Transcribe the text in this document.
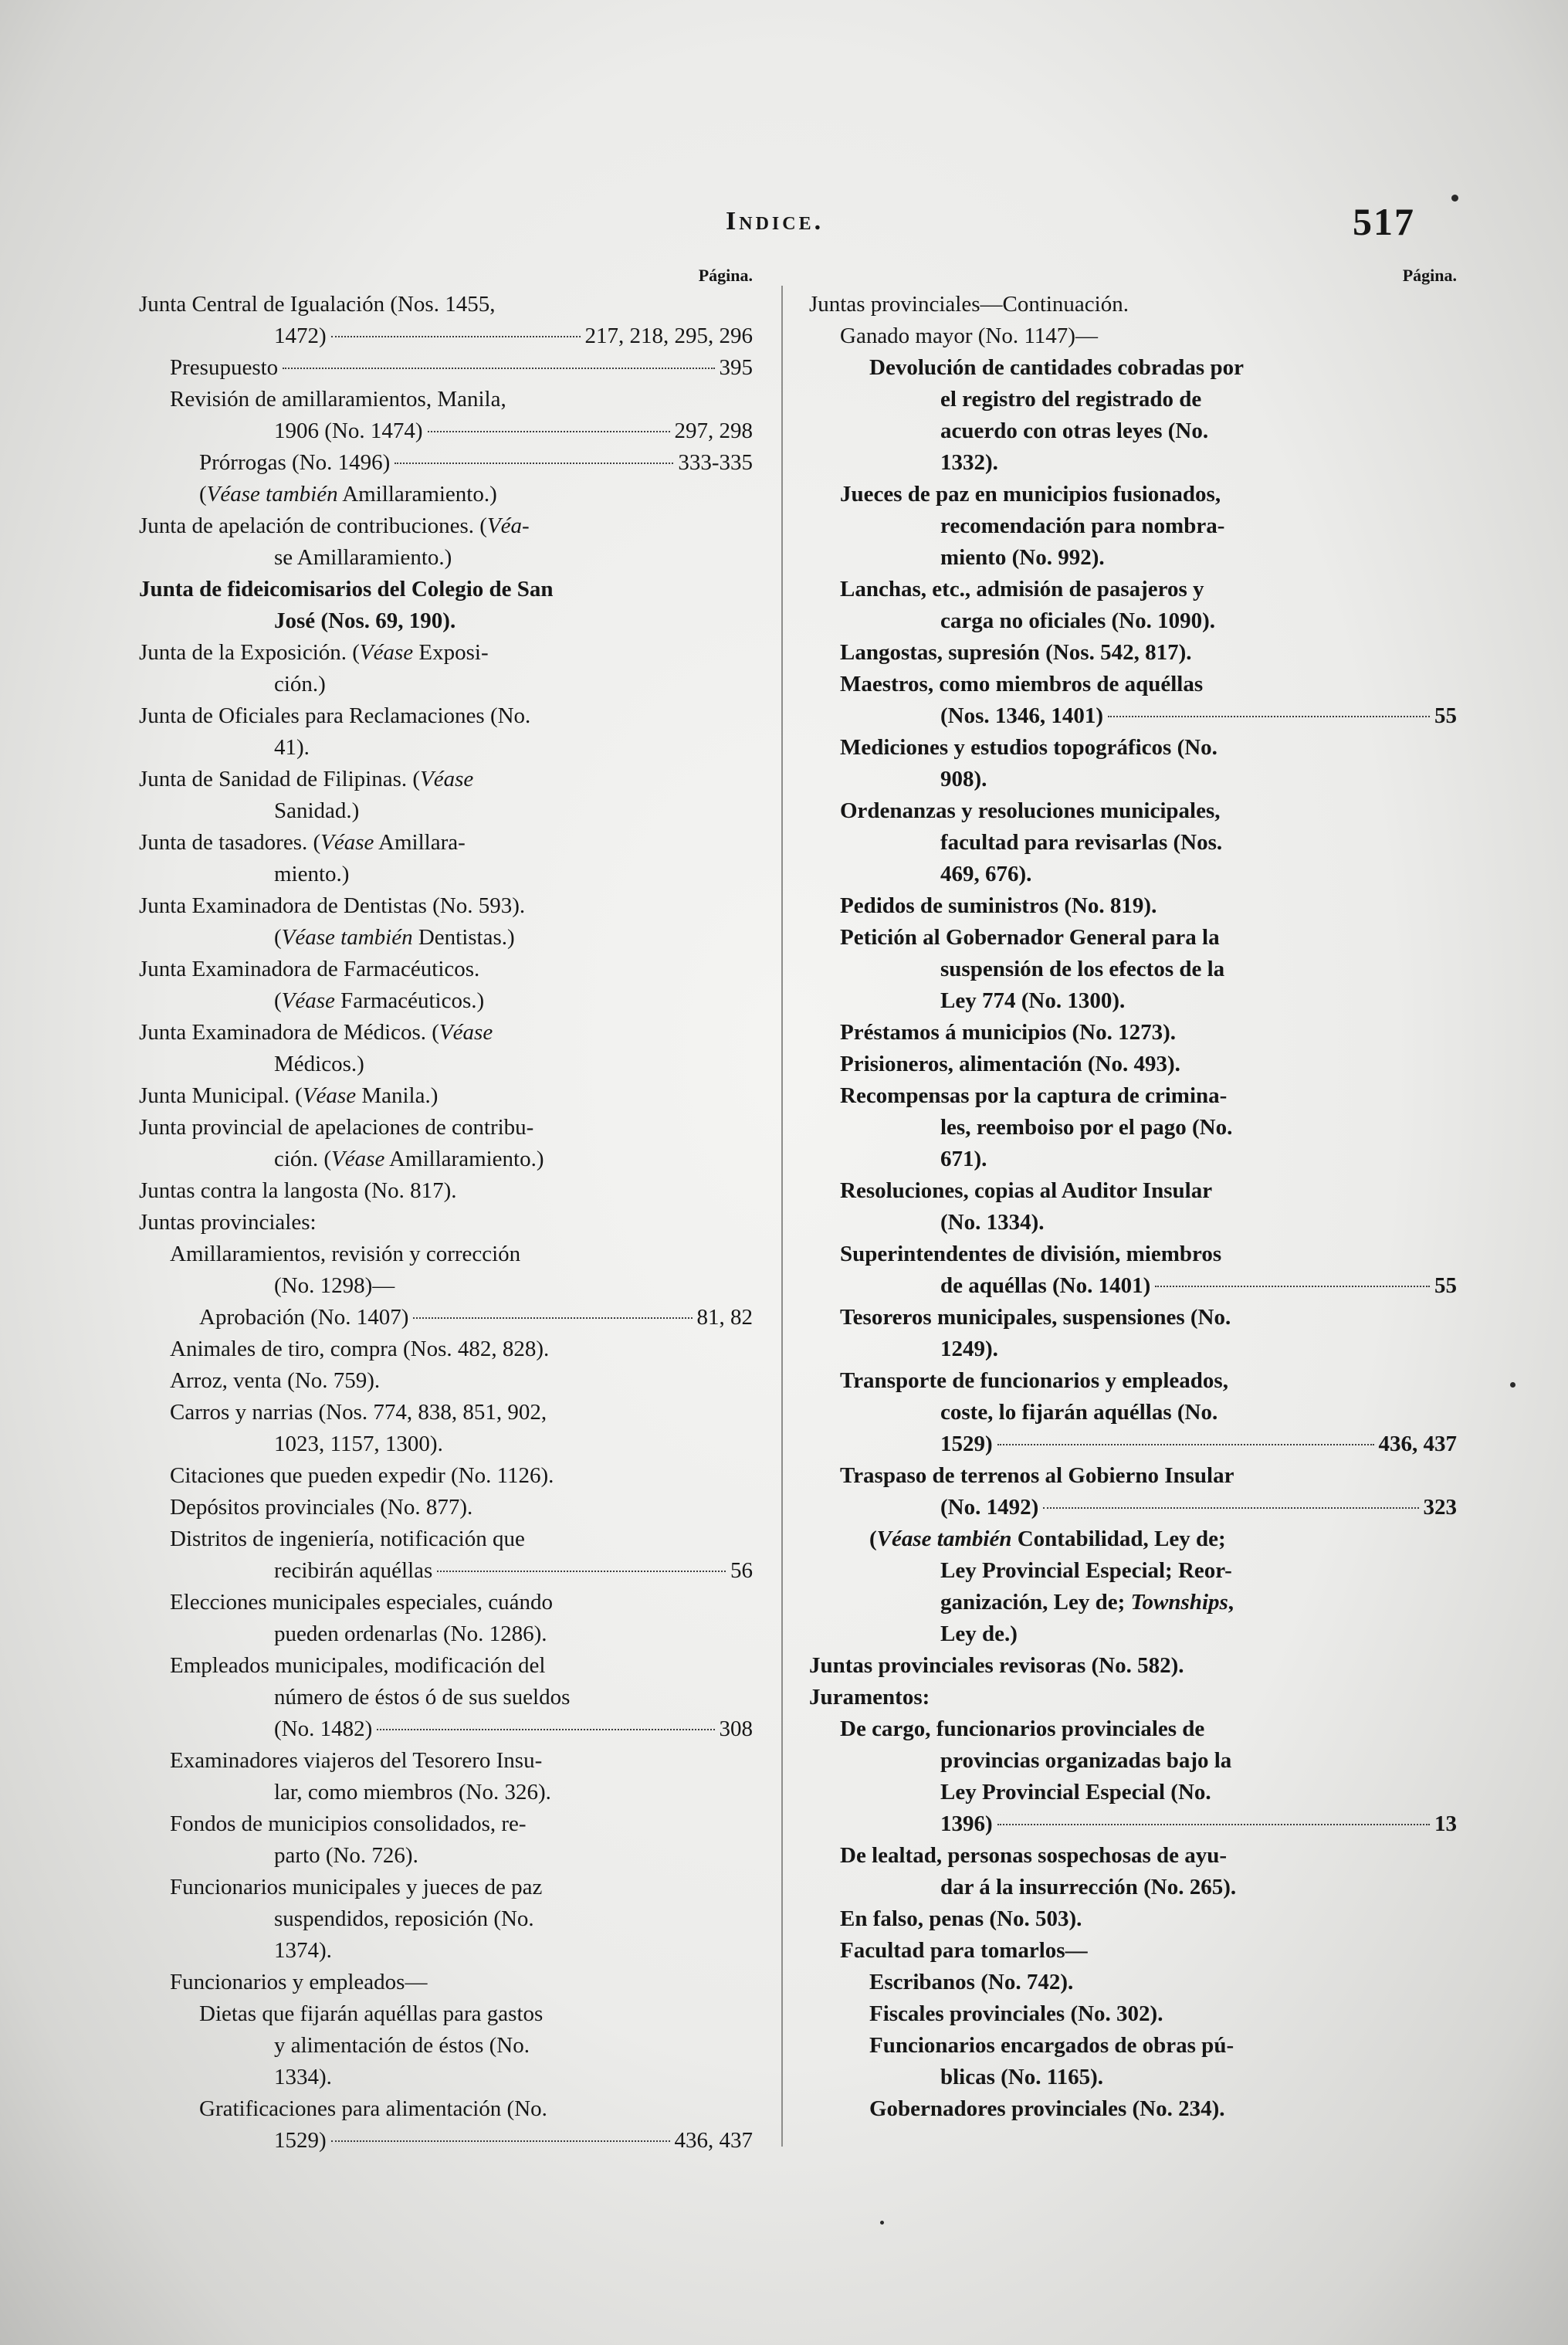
Indice.	517
Página.
Junta Central de Igualación (Nos. 1455,
1472)	217, 218, 295, 296
Presupuesto	395
Revisión de amillaramientos, Manila,
1906 (No. 1474)	297, 298
Prórrogas (No. 1496)	333-335
(Véase también Amillaramiento.)
Junta de apelación de contribuciones. (Véa-
se Amillaramiento.)
Junta de fideicomisarios del Colegio de San
José (Nos. 69, 190).
Junta de la Exposición. (Véase Exposi-
ción.)
Junta de Oficiales para Reclamaciones (No.
41).
Junta de Sanidad de Filipinas. (Véase
Sanidad.)
Junta de tasadores. (Véase Amillara-
miento.)
Junta Examinadora de Dentistas (No. 593).
(Véase también Dentistas.)
Junta Examinadora de Farmacéuticos.
(Véase Farmacéuticos.)
Junta Examinadora de Médicos. (Véase
Médicos.)
Junta Municipal. (Véase Manila.)
Junta provincial de apelaciones de contribu-
ción. (Véase Amillaramiento.)
Juntas contra la langosta (No. 817).
Juntas provinciales:
Amillaramientos, revisión y corrección
(No. 1298)—
Aprobación (No. 1407)	81, 82
Animales de tiro, compra (Nos. 482, 828).
Arroz, venta (No. 759).
Carros y narrias (Nos. 774, 838, 851, 902,
1023, 1157, 1300).
Citaciones que pueden expedir (No. 1126).
Depósitos provinciales (No. 877).
Distritos de ingeniería, notificación que
recibirán aquéllas	56
Elecciones municipales especiales, cuándo
pueden ordenarlas (No. 1286).
Empleados municipales, modificación del
número de éstos ó de sus sueldos
(No. 1482)	308
Examinadores viajeros del Tesorero Insu-
lar, como miembros (No. 326).
Fondos de municipios consolidados, re-
parto (No. 726).
Funcionarios municipales y jueces de paz
suspendidos, reposición (No.
1374).
Funcionarios y empleados—
Dietas que fijarán aquéllas para gastos
y alimentación de éstos (No.
1334).
Gratificaciones para alimentación (No.
1529)	436, 437
Página.
Juntas provinciales—Continuación.
Ganado mayor (No. 1147)—
Devolución de cantidades cobradas por
el registro del registrado de
acuerdo con otras leyes (No.
1332).
Jueces de paz en municipios fusionados,
recomendación para nombra-
miento (No. 992).
Lanchas, etc., admisión de pasajeros y
carga no oficiales (No. 1090).
Langostas, supresión (Nos. 542, 817).
Maestros, como miembros de aquéllas
(Nos. 1346, 1401)	55
Mediciones y estudios topográficos (No.
908).
Ordenanzas y resoluciones municipales,
facultad para revisarlas (Nos.
469, 676).
Pedidos de suministros (No. 819).
Petición al Gobernador General para la
suspensión de los efectos de la
Ley 774 (No. 1300).
Préstamos á municipios (No. 1273).
Prisioneros, alimentación (No. 493).
Recompensas por la captura de crimina-
les, reemboiso por el pago (No.
671).
Resoluciones, copias al Auditor Insular
(No. 1334).
Superintendentes de división, miembros
de aquéllas (No. 1401)	55
Tesoreros municipales, suspensiones (No.
1249).
Transporte de funcionarios y empleados,
coste, lo fijarán aquéllas (No.
1529)	436, 437
Traspaso de terrenos al Gobierno Insular
(No. 1492)	323
(Véase también Contabilidad, Ley de;
Ley Provincial Especial; Reor-
ganización, Ley de; Townships,
Ley de.)
Juntas provinciales revisoras (No. 582).
Juramentos:
De cargo, funcionarios provinciales de
provincias organizadas bajo la
Ley Provincial Especial (No.
1396)	13
De lealtad, personas sospechosas de ayu-
dar á la insurrección (No. 265).
En falso, penas (No. 503).
Facultad para tomarlos—
Escribanos (No. 742).
Fiscales provinciales (No. 302).
Funcionarios encargados de obras pú-
blicas (No. 1165).
Gobernadores provinciales (No. 234).
